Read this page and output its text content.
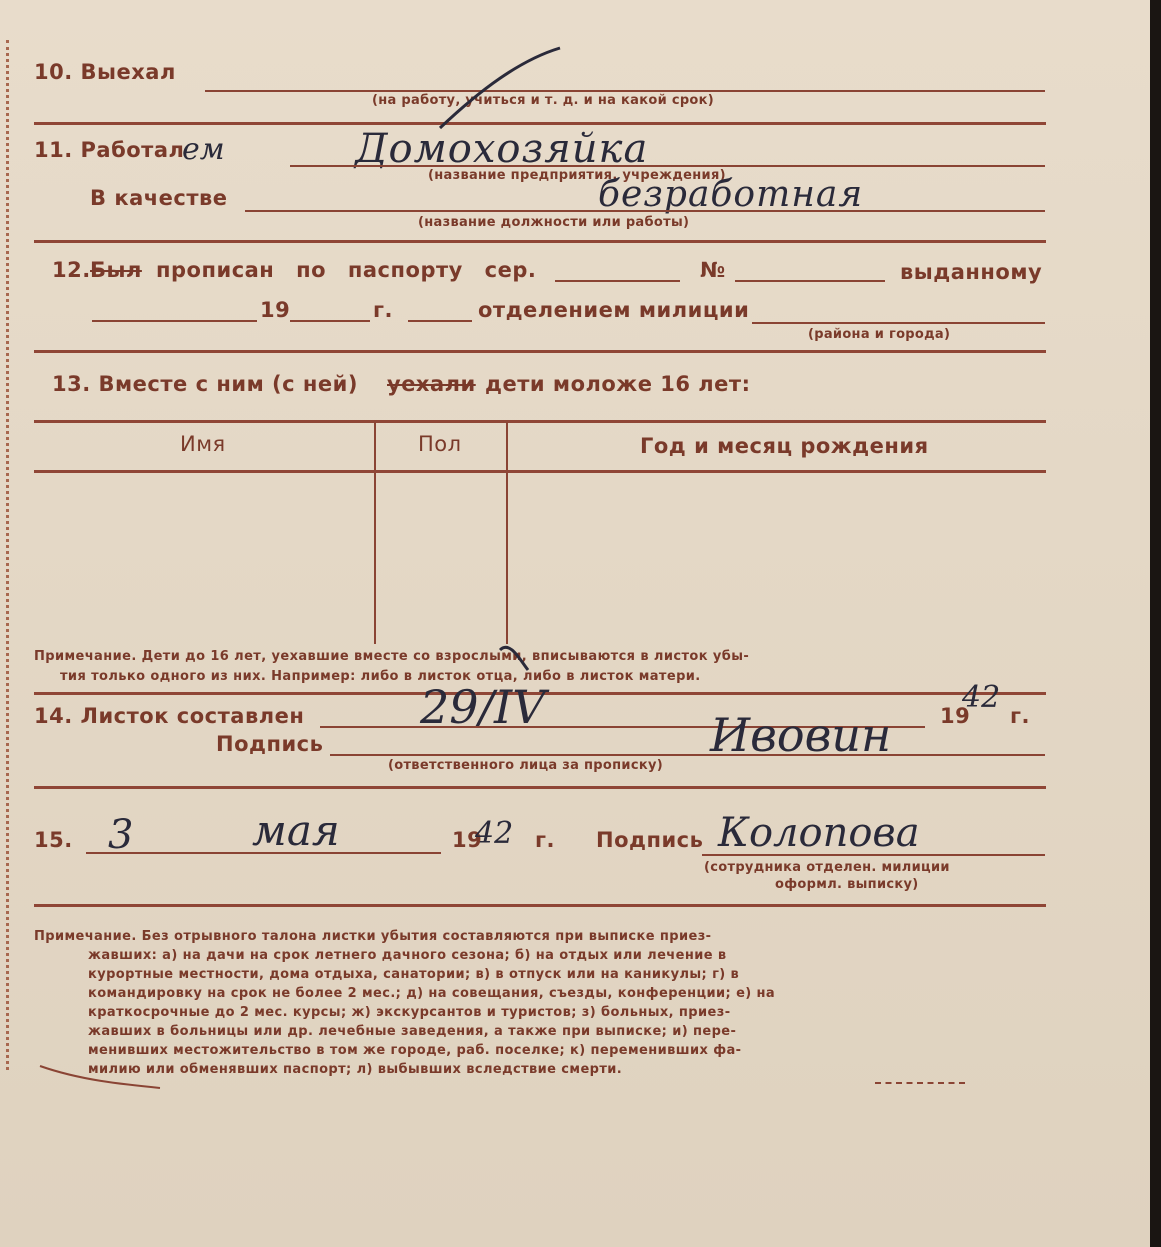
10. Выехал
(на работу, учиться и т. д. и на какой срок)
11. Работал
ем	Домохозяйка
(название предприятия, учреждения)
В качестве	безработная
(название должности или работы)
12. Был прописан по паспорту сер.	№	выданному
19	г.	отделением милиции
(района и города)
13. Вместе с ним (с ней) уехали дети моложе 16 лет:
Имя	Пол	Год и месяц рождения
Примечание. Дети до 16 лет, уехавшие вместе со взрослыми, вписываются в листок убы-
тия только одного из них. Например: либо в листок отца, либо в листок матери.
14. Листок составлен	29/IV	19
42
г.
Подпись	Ивовин
(ответственного лица за прописку)
15. 3	мая	19
42 г. Подпись Колопова
(сотрудника отделен. милиции
оформл. выписку)
Примечание. Без отрывного талона листки убытия составляются при выписке приез-
жавших: а) на дачи на срок летнего дачного сезона; б) на отдых или лечение в
курортные местности, дома отдыха, санатории; в) в отпуск или на каникулы; г) в
командировку на срок не более 2 мес.; д) на совещания, съезды, конференции; е) на
краткосрочные до 2 мес. курсы; ж) экскурсантов и туристов; з) больных, приез-
жавших в больницы или др. лечебные заведения, а также при выписке; и) пере-
менивших местожительство в том же городе, раб. поселке; к) переменивших фа-
милию или обменявших паспорт; л) выбывших вследствие смерти.
